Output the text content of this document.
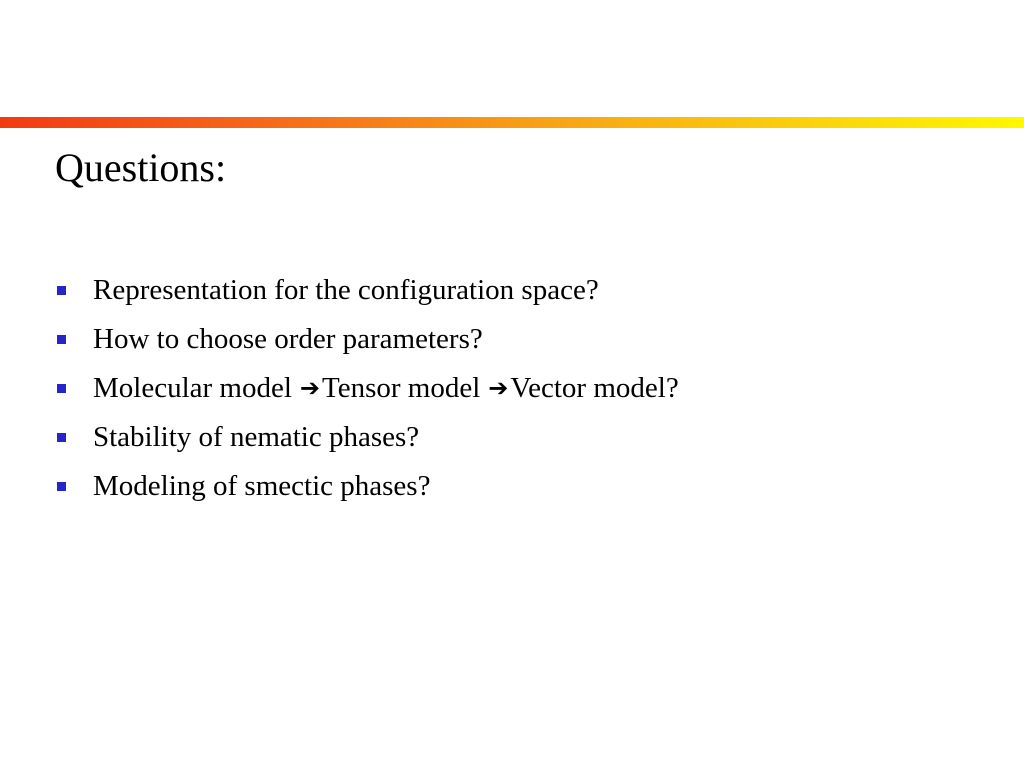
Questions:
Representation for the configuration space?
How to choose order parameters?
Molecular model ➔Tensor model ➔Vector model?
Stability of nematic phases?
Modeling of smectic phases?
